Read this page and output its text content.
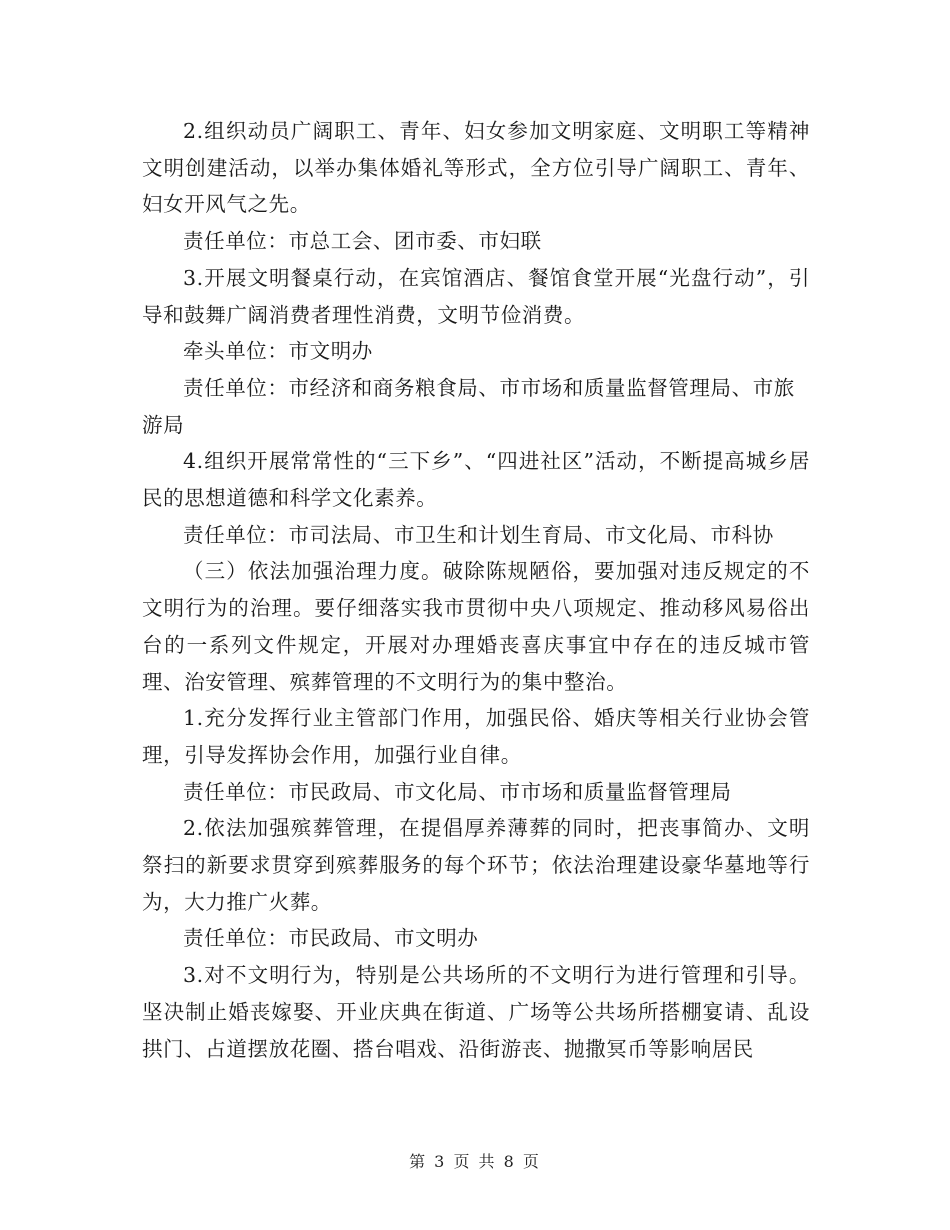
2.组织动员广阔职工、青年、妇女参加文明家庭、文明职工等精神文明创建活动，以举办集体婚礼等形式，全方位引导广阔职工、青年、妇女开风气之先。

责任单位：市总工会、团市委、市妇联

3.开展文明餐桌行动，在宾馆酒店、餐馆食堂开展“光盘行动”，引导和鼓舞广阔消费者理性消费，文明节俭消费。

牵头单位：市文明办

责任单位：市经济和商务粮食局、市市场和质量监督管理局、市旅游局

4.组织开展常常性的“三下乡”、“四进社区”活动，不断提高城乡居民的思想道德和科学文化素养。

责任单位：市司法局、市卫生和计划生育局、市文化局、市科协

（三）依法加强治理力度。破除陈规陋俗，要加强对违反规定的不文明行为的治理。要仔细落实我市贯彻中央八项规定、推动移风易俗出台的一系列文件规定，开展对办理婚丧喜庆事宜中存在的违反城市管理、治安管理、殡葬管理的不文明行为的集中整治。

1.充分发挥行业主管部门作用，加强民俗、婚庆等相关行业协会管理，引导发挥协会作用，加强行业自律。

责任单位：市民政局、市文化局、市市场和质量监督管理局

2.依法加强殡葬管理，在提倡厚养薄葬的同时，把丧事简办、文明祭扫的新要求贯穿到殡葬服务的每个环节；依法治理建设豪华墓地等行为，大力推广火葬。

责任单位：市民政局、市文明办

3.对不文明行为，特别是公共场所的不文明行为进行管理和引导。坚决制止婚丧嫁娶、开业庆典在街道、广场等公共场所搭棚宴请、乱设拱门、占道摆放花圈、搭台唱戏、沿街游丧、抛撒冥币等影响居民

第 3 页 共 8 页
